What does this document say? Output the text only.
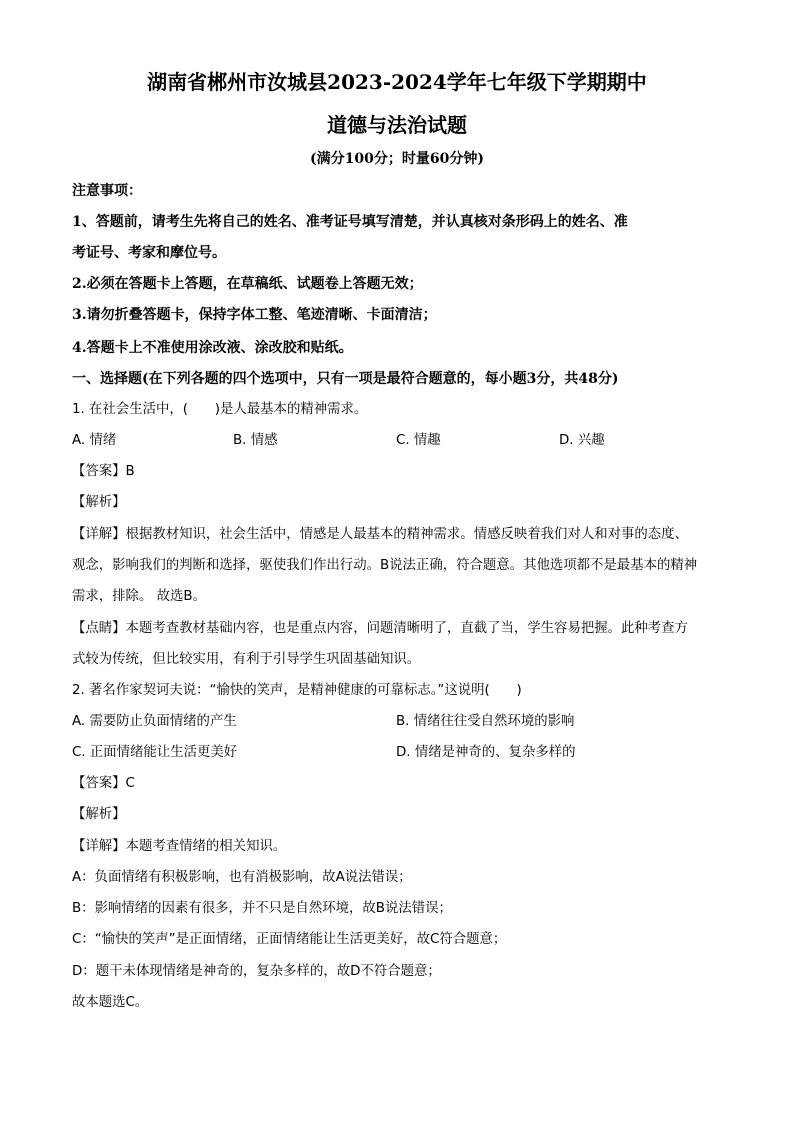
湖南省郴州市汝城县2023-2024学年七年级下学期期中
道德与法治试题
(满分100分；时量60分钟)
注意事项：
1、答题前，请考生先将自己的姓名、准考证号填写清楚，并认真核对条形码上的姓名、准
考证号、考家和摩位号。
2.必须在答题卡上答题，在草稿纸、试题卷上答题无效；
3.请勿折叠答题卡，保持字体工整、笔迹清晰、卡面清洁；
4.答题卡上不准使用涂改液、涂改胶和贴纸。
一、选择题(在下列各题的四个选项中，只有一项是最符合题意的，每小题3分，共48分)
1. 在社会生活中，(　　)是人最基本的精神需求。
A. 情绪	B. 情感	C. 情趣	D. 兴趣
【答案】B
【解析】
【详解】根据教材知识，社会生活中，情感是人最基本的精神需求。情感反映着我们对人和对事的态度、
观念，影响我们的判断和选择，驱使我们作出行动。B说法正确，符合题意。其他选项都不是最基本的精神
需求，排除。 故选B。
【点睛】本题考查教材基础内容，也是重点内容，问题清晰明了，直截了当，学生容易把握。此种考查方
式较为传统，但比较实用，有利于引导学生巩固基础知识。
2. 著名作家契诃夫说：“愉快的笑声，是精神健康的可靠标志。”这说明(　　)
A. 需要防止负面情绪的产生	B. 情绪往往受自然环境的影响
C. 正面情绪能让生活更美好	D. 情绪是神奇的、复杂多样的
【答案】C
【解析】
【详解】本题考查情绪的相关知识。
A：负面情绪有积极影响，也有消极影响，故A说法错误；
B：影响情绪的因素有很多，并不只是自然环境，故B说法错误；
C：“愉快的笑声”是正面情绪，正面情绪能让生活更美好，故C符合题意；
D：题干未体现情绪是神奇的，复杂多样的，故D不符合题意；
故本题选C。
